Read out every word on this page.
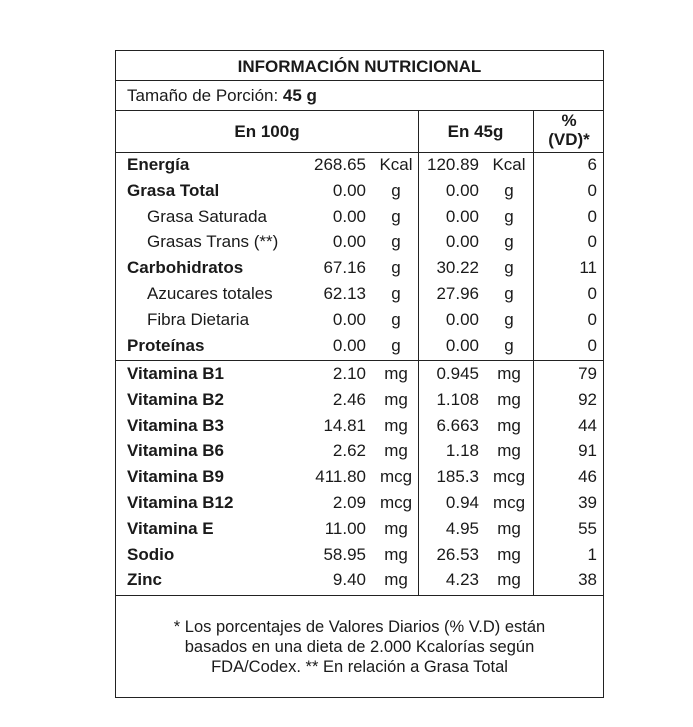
INFORMACIÓN NUTRICIONAL
Tamaño de Porción: 45 g
En 100g	En 45g
%
(VD)*
Energía	268.65 Kcal 120.89 Kcal	6
Grasa Total	0.00	g	0.00	g	0
Grasa Saturada	0.00	g	0.00	g	0
Grasas Trans (**)	0.00	g	0.00	g	0
Carbohidratos	67.16	g	30.22	g	11
Azucares totales	62.13	g	27.96	g	0
Fibra Dietaria	0.00	g	0.00	g	0
Proteínas	0.00	g	0.00	g	0
Vitamina B1	2.10	mg	0.945	mg	79
Vitamina B2	2.46	mg	1.108	mg	92
Vitamina B3	14.81	mg	6.663	mg	44
Vitamina B6	2.62	mg	1.18	mg	91
Vitamina B9	411.80 mcg	185.3 mcg	46
Vitamina B12	2.09 mcg	0.94 mcg	39
Vitamina E	11.00	mg	4.95	mg	55
Sodio	58.95	mg	26.53	mg	1
Zinc	9.40	mg	4.23	mg	38
* Los porcentajes de Valores Diarios (% V.D) están
basados en una dieta de 2.000 Kcalorías según
FDA/Codex. ** En relación a Grasa Total
